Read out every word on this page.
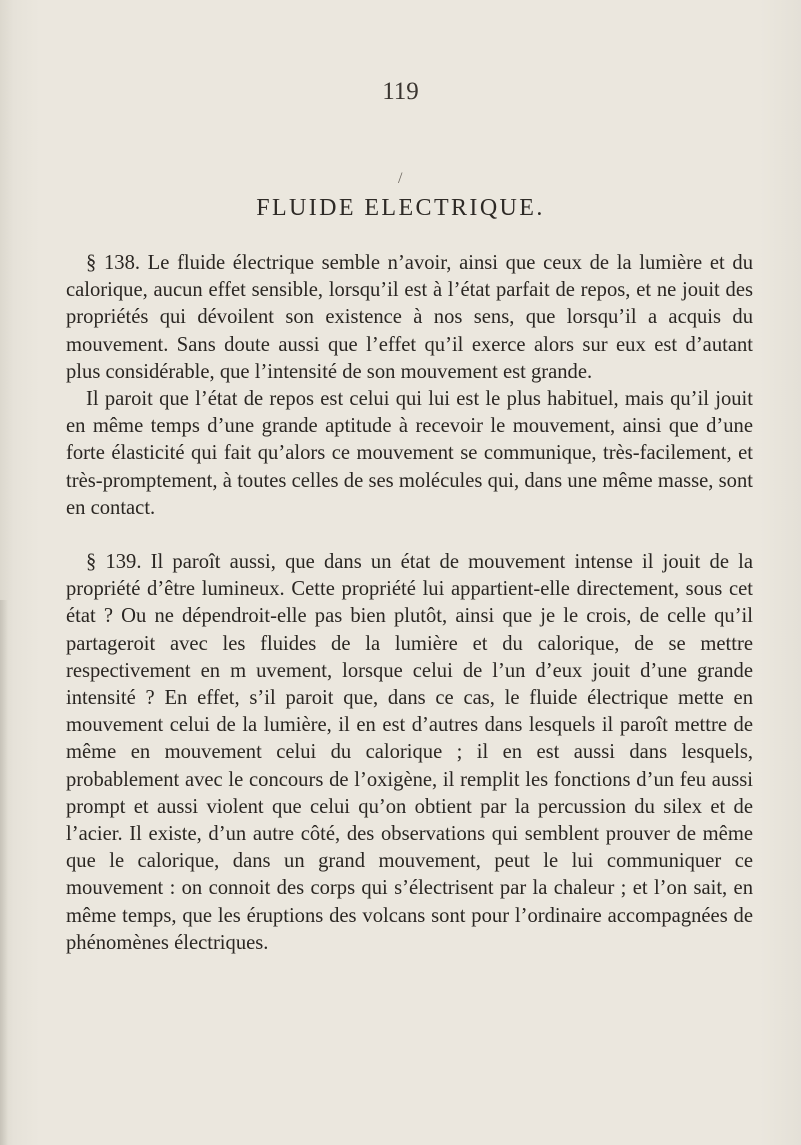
119
/
FLUIDE ELECTRIQUE.

§ 138. Le fluide électrique semble n’avoir, ainsi que ceux de la lumière et du calorique, aucun effet sensible, lorsqu’il est à l’état parfait de repos, et ne jouit des propriétés qui dévoilent son existence à nos sens, que lorsqu’il a acquis du mouvement. Sans doute aussi que l’effet qu’il exerce alors sur eux est d’autant plus considérable, que l’intensité de son mouvement est grande.

Il paroit que l’état de repos est celui qui lui est le plus habituel, mais qu’il jouit en même temps d’une grande aptitude à recevoir le mouvement, ainsi que d’une forte élasticité qui fait qu’alors ce mouvement se communique, très-facilement, et très-promptement, à toutes celles de ses molécules qui, dans une même masse, sont en contact.

§ 139. Il paroît aussi, que dans un état de mouvement intense il jouit de la propriété d’être lumineux. Cette propriété lui appartient-elle directement, sous cet état ? Ou ne dépendroit-elle pas bien plutôt, ainsi que je le crois, de celle qu’il partageroit avec les fluides de la lumière et du calorique, de se mettre respectivement en m uvement, lorsque celui de l’un d’eux jouit d’une grande intensité ? En effet, s’il paroit que, dans ce cas, le fluide électrique mette en mouvement celui de la lumière, il en est d’autres dans lesquels il paroît mettre de même en mouvement celui du calorique ; il en est aussi dans lesquels, probablement avec le concours de l’oxigène, il remplit les fonctions d’un feu aussi prompt et aussi violent que celui qu’on obtient par la percussion du silex et de l’acier. Il existe, d’un autre côté, des observations qui semblent prouver de même que le calorique, dans un grand mouvement, peut le lui communiquer ce mouvement : on connoit des corps qui s’électrisent par la chaleur ; et l’on sait, en même temps, que les éruptions des volcans sont pour l’ordinaire accompagnées de phénomènes électriques.
